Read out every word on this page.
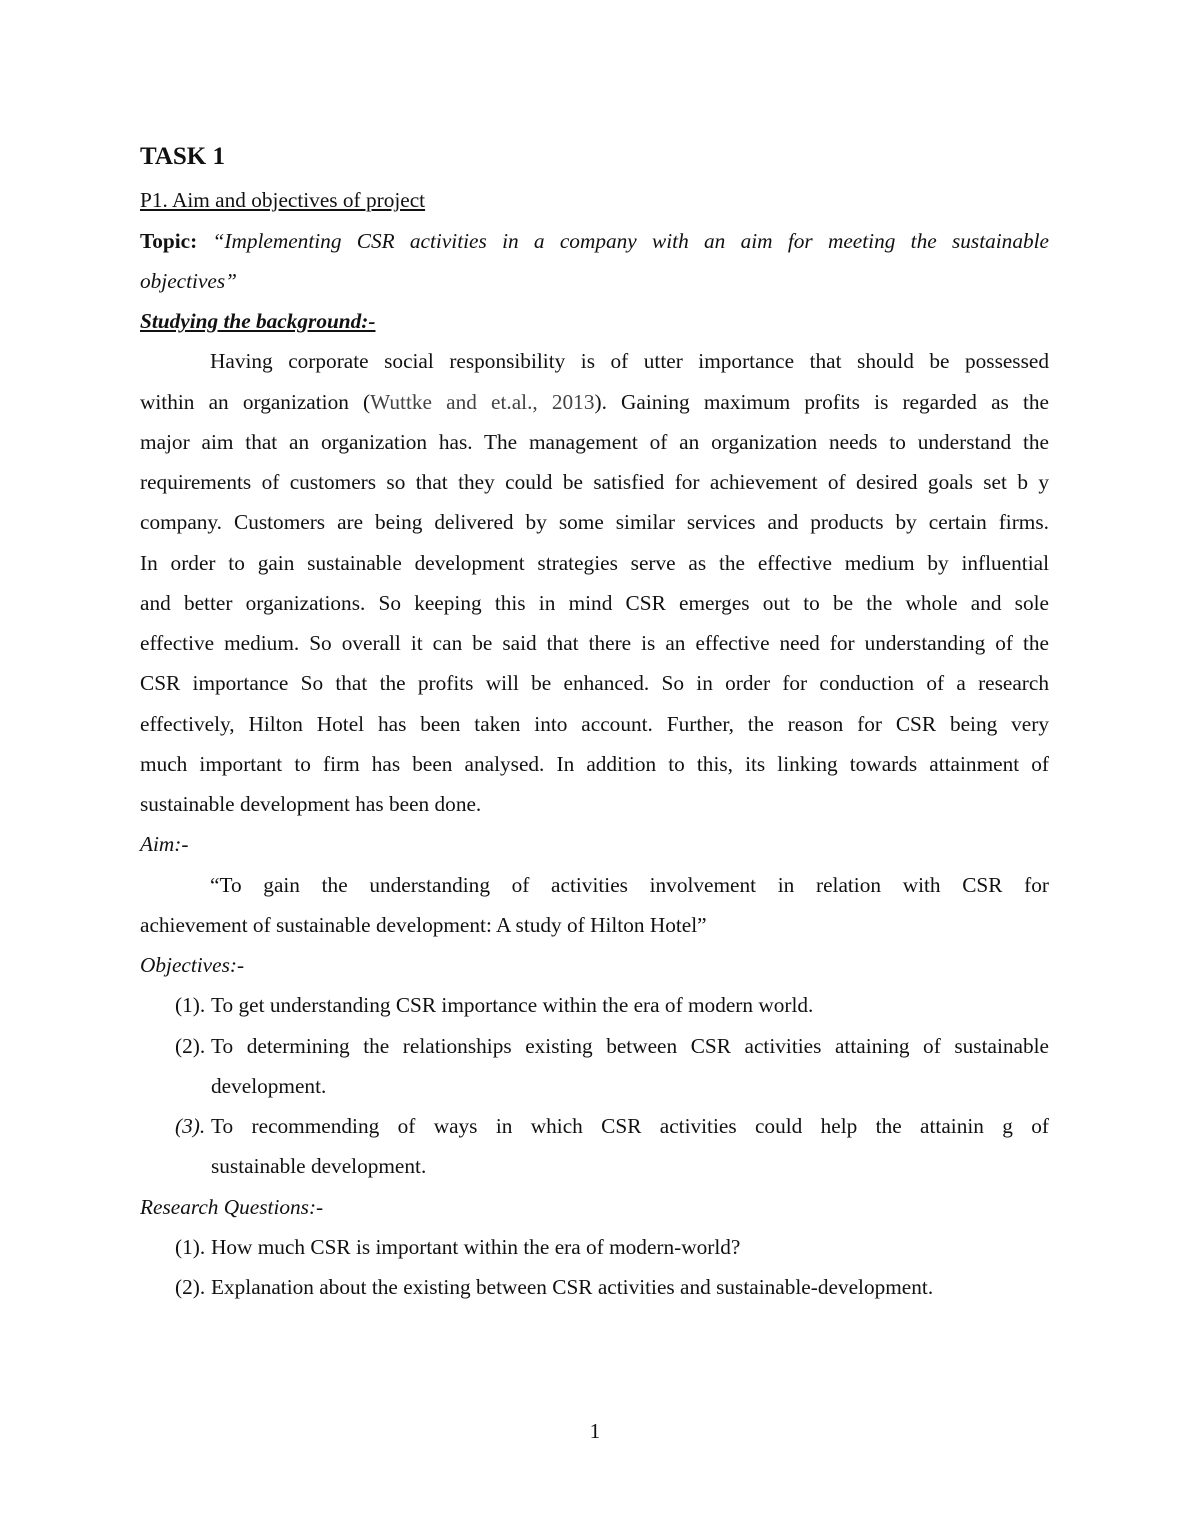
TASK 1
P1. Aim and objectives of project
Topic: “Implementing CSR activities in a company with an aim for meeting the sustainable
objectives”
Studying the background:-
Having corporate social responsibility is of utter importance that should be possessed
within an organization (Wuttke and et.al., 2013). Gaining maximum profits is regarded as the
major aim that an organization has. The management of an organization needs to understand the
requirements of customers so that they could be satisfied for achievement of desired goals set b y
company. Customers are being delivered by some similar services and products by certain firms.
In order to gain sustainable development strategies serve as the effective medium by influential
and better organizations. So keeping this in mind CSR emerges out to be the whole and sole
effective medium. So overall it can be said that there is an effective need for understanding of the
CSR importance So that the profits will be enhanced. So in order for conduction of a research
effectively, Hilton Hotel has been taken into account. Further, the reason for CSR being very
much important to firm has been analysed. In addition to this, its linking towards attainment of
sustainable development has been done.
Aim:-
“To gain the understanding of activities involvement in relation with CSR for
achievement of sustainable development: A study of Hilton Hotel”
Objectives:-
(1). To get understanding CSR importance within the era of modern world.
(2). To determining the relationships existing between CSR activities attaining of sustainable
development.
(3). To recommending of ways in which CSR activities could help the attainin g of
sustainable development.
Research Questions:-
(1). How much CSR is important within the era of modern-world?
(2). Explanation about the existing between CSR activities and sustainable-development.
1
